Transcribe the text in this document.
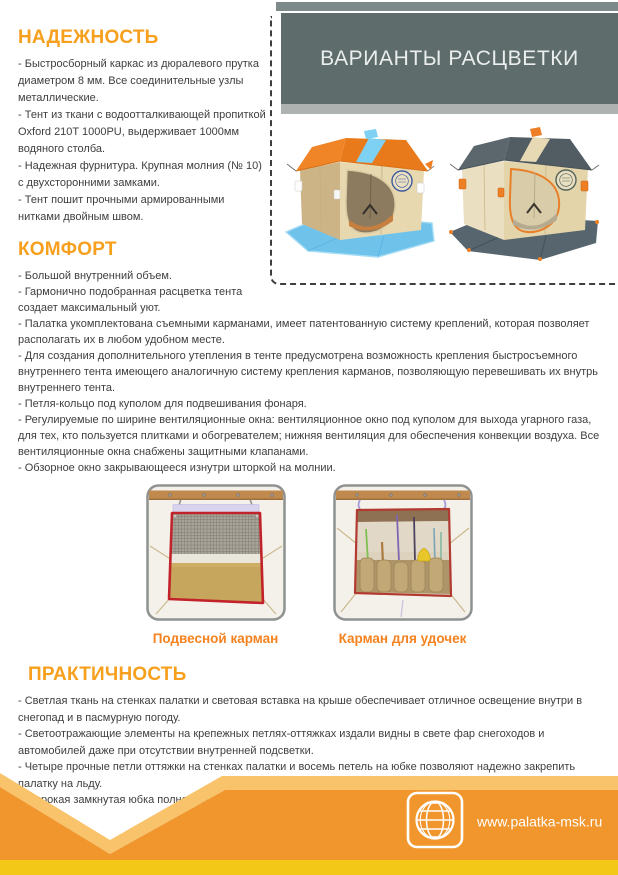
ВАРИАНТЫ РАСЦВЕТКИ
НАДЕЖНОСТЬ

- Быстросборный каркас из дюралевого прутка диаметром 8 мм. Все соединительные узлы металлические.

- Тент из ткани с водоотталкивающей пропиткой Oxford 210T 1000PU, выдерживает 1000мм водяного столба.

- Надежная фурнитура. Крупная молния (№ 10) с двухсторонними замками.

- Тент пошит прочными армированными нитками двойным швом.

КОМФОРТ

- Большой внутренний объем.

- Гармонично подобранная расцветка тента создает максимальный уют.

- Палатка укомплектована съемными карманами, имеет патентованную систему креплений, которая позволяет располагать их в любом удобном месте.

- Для создания дополнительного утепления в тенте предусмотрена возможность крепления быстросъемного внутреннего тента имеющего аналогичную систему крепления карманов, позволяющую перевешивать их внутрь внутреннего тента.

- Петля-кольцо под куполом для подвешивания фонаря.

- Регулируемые по ширине вентиляционные окна: вентиляционное окно под куполом для выхода угарного газа, для тех, кто пользуется плитками и обогревателем; нижняя вентиляция для обеспечения конвекции воздуха. Все вентиляционные окна снабжены защитными клапанами.

- Обзорное окно закрывающееся изнутри шторкой на молнии.

Подвесной карман	Карман для удочек
ПРАКТИЧНОСТЬ

- Светлая ткань на стенках палатки и световая вставка на крыше обеспечивает отличное освещение внутри в снегопад и в пасмурную погоду.

- Светоотражающие элементы на крепежных петлях-оттяжках издали видны в свете фар снегоходов и автомобилей даже при отсутствии внутренней подсветки.

- Четыре прочные петли оттяжки на стенках палатки и восемь петель на юбке позволяют надежно закрепить палатку на льду.

www.palatka-msk.ru
